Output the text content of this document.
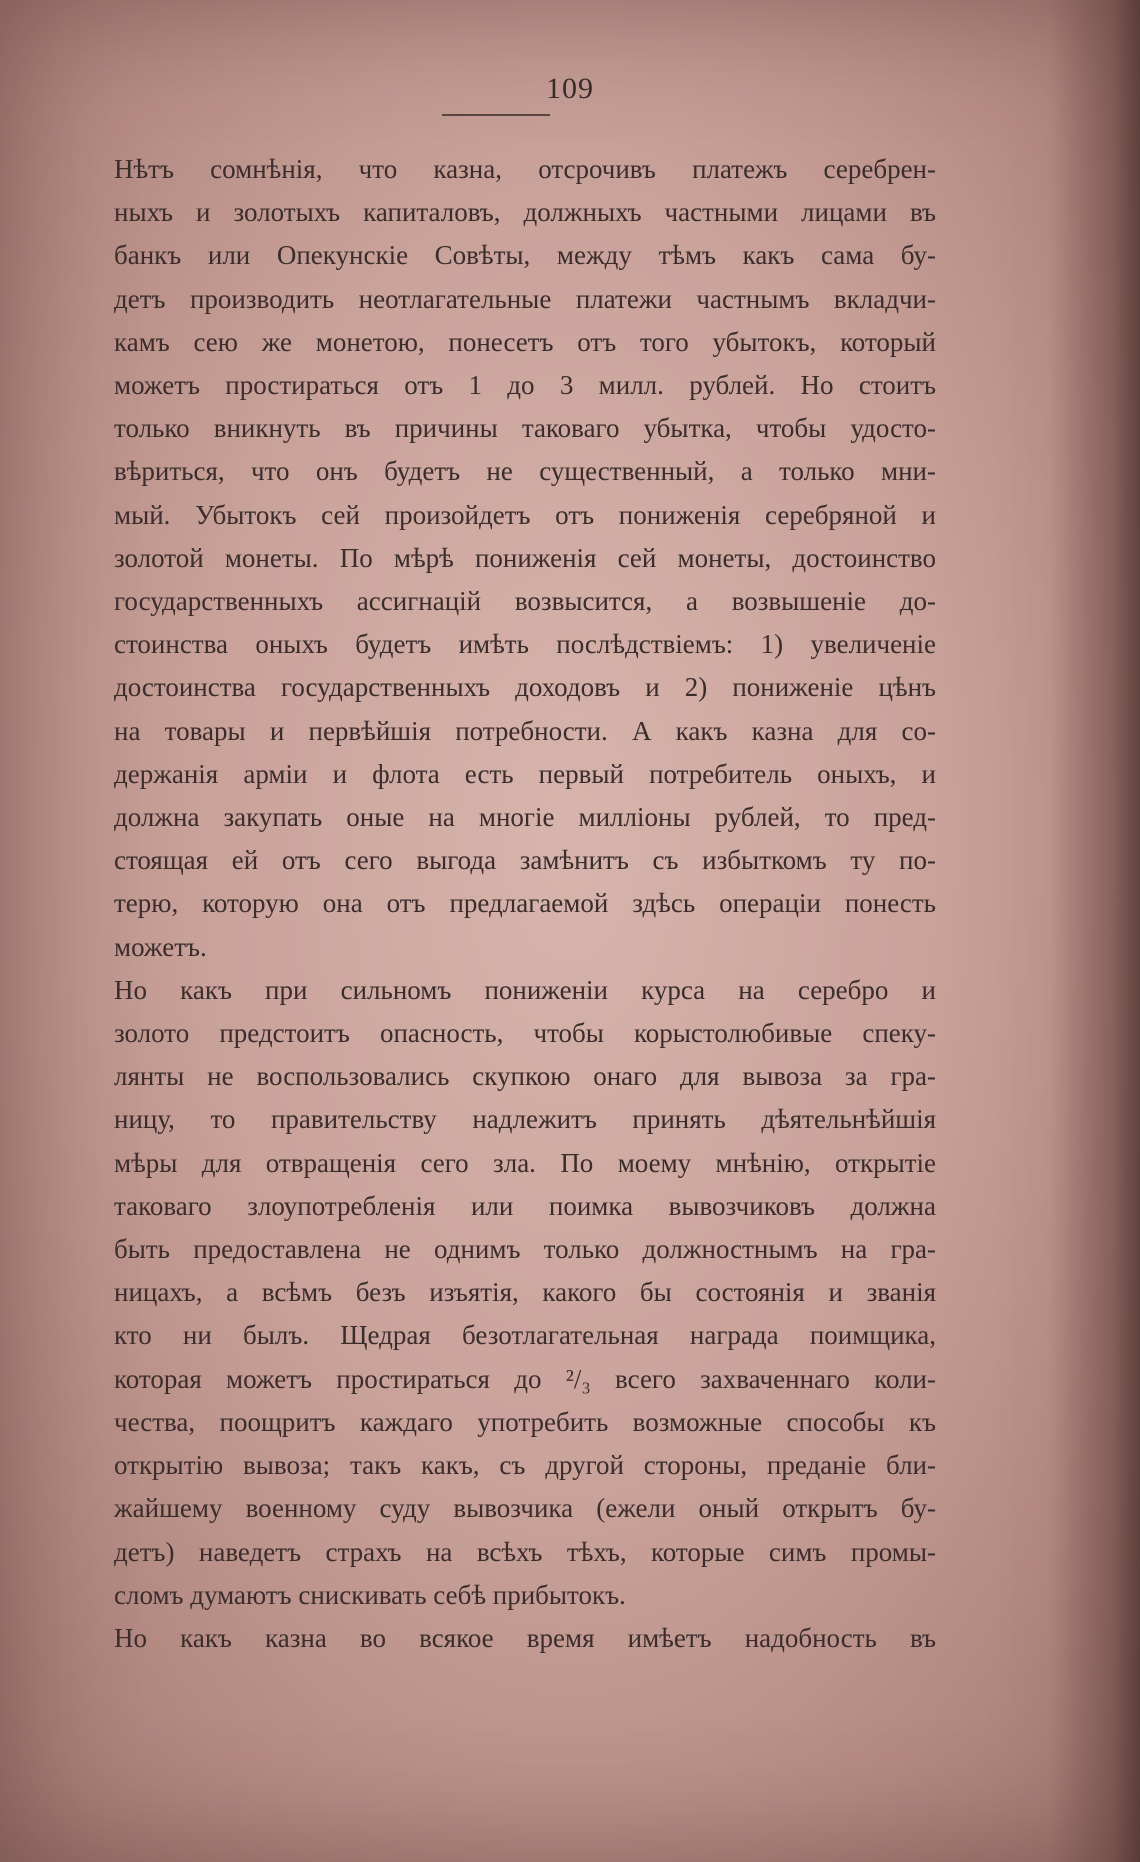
109

Нѣтъ сомнѣнія, что казна, отсрочивъ платежъ серебрен-
ныхъ и золотыхъ капиталовъ, должныхъ частными лицами въ
банкъ или Опекунскіе Совѣты, между тѣмъ какъ сама бу-
детъ производить неотлагательные платежи частнымъ вкладчи-
камъ сею же монетою, понесетъ отъ того убытокъ, который
можетъ простираться отъ 1 до 3 милл. рублей. Но стоитъ
только вникнуть въ причины таковаго убытка, чтобы удосто-
вѣриться, что онъ будетъ не существенный, а только мни-
мый. Убытокъ сей произойдетъ отъ пониженія серебряной и
золотой монеты. По мѣрѣ пониженія сей монеты, достоинство
государственныхъ ассигнацій возвысится, а возвышеніе до-
стоинства оныхъ будетъ имѣть послѣдствіемъ: 1) увеличеніе
достоинства государственныхъ доходовъ и 2) пониженіе цѣнъ
на товары и первѣйшія потребности. А какъ казна для со-
держанія арміи и флота есть первый потребитель оныхъ, и
должна закупать оные на многіе милліоны рублей, то пред-
стоящая ей отъ сего выгода замѣнитъ съ избыткомъ ту по-
терю, которую она отъ предлагаемой здѣсь операціи понесть
можетъ.

Но какъ при сильномъ пониженіи курса на серебро и
золото предстоитъ опасность, чтобы корыстолюбивые спеку-
лянты не воспользовались скупкою онаго для вывоза за гра-
ницу, то правительству надлежитъ принять дѣятельнѣйшія
мѣры для отвращенія сего зла. По моему мнѣнію, открытіе
таковаго злоупотребленія или поимка вывозчиковъ должна
быть предоставлена не однимъ только должностнымъ на гра-
ницахъ, а всѣмъ безъ изъятія, какого бы состоянія и званія
кто ни былъ. Щедрая безотлагательная награда поимщика,
которая можетъ простираться до ²/₃ всего захваченнаго коли-
чества, поощритъ каждаго употребить возможные способы къ
открытію вывоза; такъ какъ, съ другой стороны, преданіе бли-
жайшему военному суду вывозчика (ежели оный открытъ бу-
детъ) наведетъ страхъ на всѣхъ тѣхъ, которые симъ промы-
сломъ думаютъ снискивать себѣ прибытокъ.

Но какъ казна во всякое время имѣетъ надобность въ
